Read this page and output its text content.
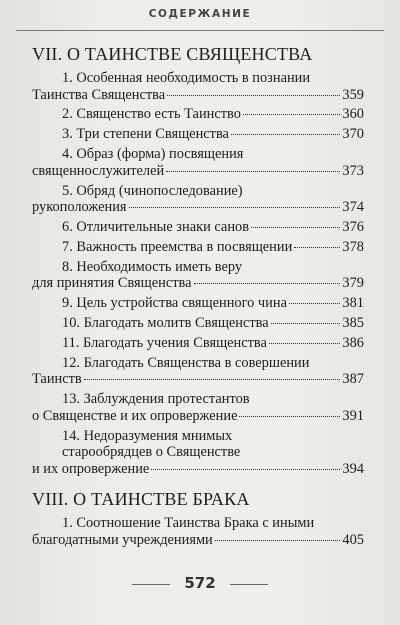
СОДЕРЖАНИЕ
VII. О ТАИНСТВЕ СВЯЩЕНСТВА
1. Особенная необходимость в познании
Таинства Священства	359
2. Священство есть Таинство	360
3. Три степени Священства	370
4. Образ (форма) посвящения
священнослужителей	373
5. Обряд (чинопоследование)
рукоположения	374
6. Отличительные знаки санов	376
7. Важность преемства в посвящении	378
8. Необходимость иметь веру
для принятия Священства	379
9. Цель устройства священного чина	381
10. Благодать молитв Священства	385
11. Благодать учения Священства	386
12. Благодать Священства в совершении
Таинств	387
13. Заблуждения протестантов
о Священстве и их опровержение	391
14. Недоразумения мнимых
старообрядцев о Священстве
и их опровержение	394
VIII. О ТАИНСТВЕ БРАКА
1. Соотношение Таинства Брака с иными
благодатными учреждениями	405
572
